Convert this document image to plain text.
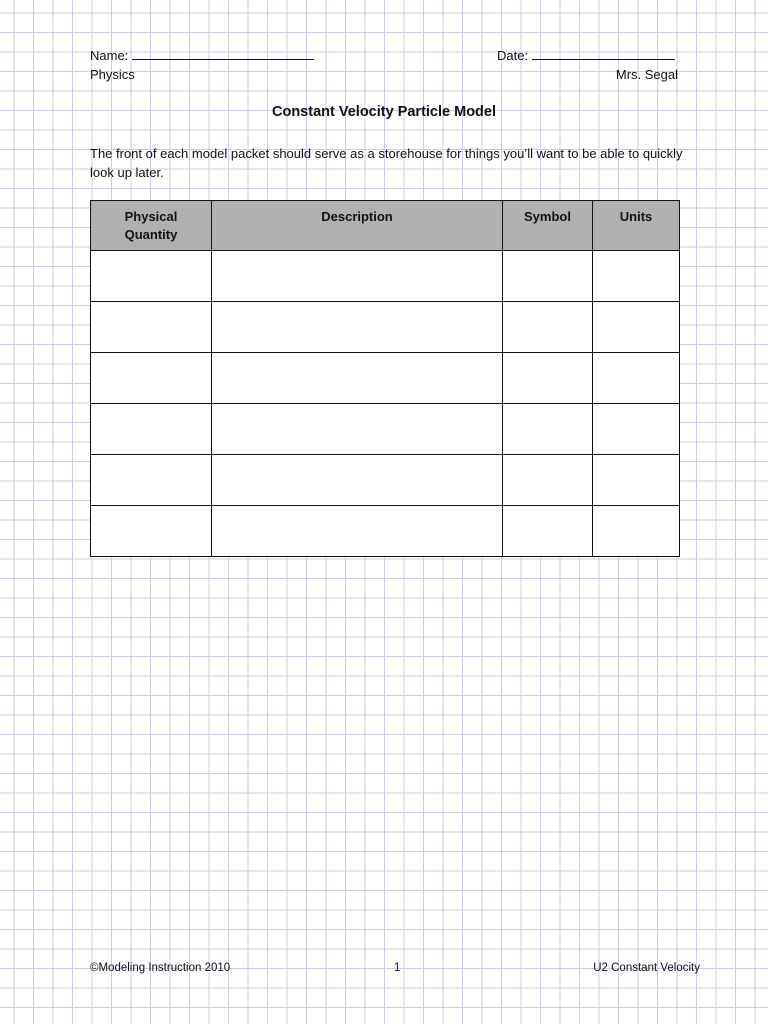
Name:	Date:
Physics	Mrs. Segal
Constant Velocity Particle Model
The front of each model packet should serve as a storehouse for things you’ll want to be able to quickly look up later.
Physical
Quantity	Description	Symbol	Units

©Modeling Instruction 2010	1	U2 Constant Velocity
